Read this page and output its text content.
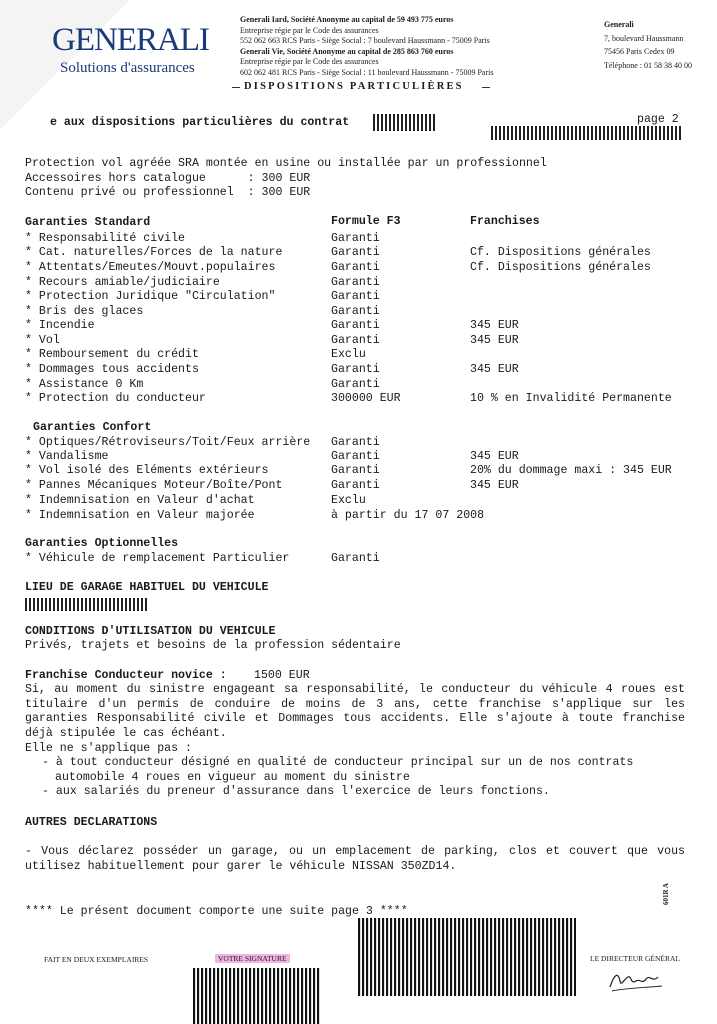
GENERALI
Solutions d'assurances
Generali Iard, Société Anonyme au capital de 59 493 775 euros
Entreprise régie par le Code des assurances
552 062 663 RCS Paris - Siège Social : 7 boulevard Haussmann - 75009 Paris
Generali Vie, Société Anonyme au capital de 285 863 760 euros
Entreprise régie par le Code des assurances
602 062 481 RCS Paris - Siège Social : 11 boulevard Haussmann - 75009 Paris
Generali
7, boulevard Haussmann
75456 Paris Cedex 09
Téléphone : 01 58 38 40 00
DISPOSITIONS PARTICULIÈRES
e aux dispositions particulières du contrat	page 2
Protection vol agréée SRA montée en usine ou installée par un professionnel
Accessoires hors catalogue      : 300 EUR
Contenu privé ou professionnel  : 300 EUR
Garanties Standard	Formule F3	Franchises
* Responsabilité civile	Garanti
* Cat. naturelles/Forces de la nature	Garanti	Cf. Dispositions générales
* Attentats/Emeutes/Mouvt.populaires	Garanti	Cf. Dispositions générales
* Recours amiable/judiciaire	Garanti
* Protection Juridique "Circulation"	Garanti
* Bris des glaces	Garanti
* Incendie	Garanti	345 EUR
* Vol	Garanti	345 EUR
* Remboursement du crédit	Exclu
* Dommages tous accidents	Garanti	345 EUR
* Assistance 0 Km	Garanti
* Protection du conducteur	300000 EUR	10 % en Invalidité Permanente
Garanties Confort
* Optiques/Rétroviseurs/Toit/Feux arrière Garanti
* Vandalisme	Garanti	345 EUR
* Vol isolé des Eléments extérieurs	Garanti	20% du dommage maxi : 345 EUR
* Pannes Mécaniques Moteur/Boîte/Pont	Garanti	345 EUR
* Indemnisation en Valeur d'achat	Exclu
* Indemnisation en Valeur majorée	à partir du 17 07 2008
Garanties Optionnelles
* Véhicule de remplacement Particulier	Garanti
LIEU DE GARAGE HABITUEL DU VEHICULE
CONDITIONS D'UTILISATION DU VEHICULE
Privés, trajets et besoins de la profession sédentaire
Franchise Conducteur novice : 1500 EUR
Si, au moment du sinistre engageant sa responsabilité, le conducteur du véhicule 4 roues est titulaire d'un permis de conduire de moins de 3 ans, cette franchise s'applique sur les garanties Responsabilité civile et Dommages tous accidents. Elle s'ajoute à toute franchise déjà stipulée le cas échéant.
Elle ne s'applique pas :
- à tout conducteur désigné en qualité de conducteur principal sur un de nos contrats
automobile 4 roues en vigueur au moment du sinistre
- aux salariés du preneur d'assurance dans l'exercice de leurs fonctions.
AUTRES DECLARATIONS
- Vous déclarez posséder un garage, ou un emplacement de parking, clos et couvert que vous utilisez habituellement pour garer le véhicule NISSAN 350ZD14.
**** Le présent document comporte une suite page 3 ****
601R A
FAIT EN DEUX EXEMPLAIRES	VOTRE SIGNATURE	LE DIRECTEUR GÉNÉRAL
